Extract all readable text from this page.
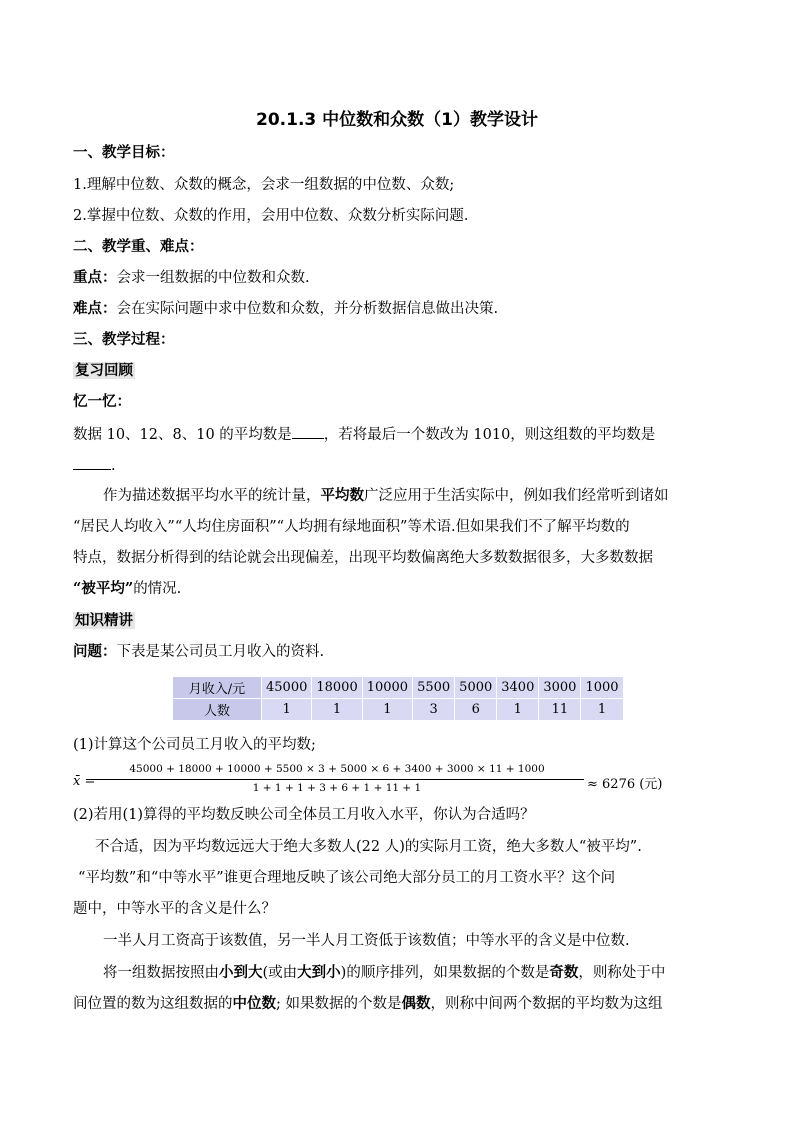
20.1.3 中位数和众数（1）教学设计
一、教学目标：
1.理解中位数、众数的概念，会求一组数据的中位数、众数;
2.掌握中位数、众数的作用，会用中位数、众数分析实际问题.
二、教学重、难点：
重点：会求一组数据的中位数和众数.
难点：会在实际问题中求中位数和众数，并分析数据信息做出决策.
三、教学过程：
复习回顾
忆一忆：
数据 10、12、8、10 的平均数是 ，若将最后一个数改为 1010，则这组数的平均数是
.
作为描述数据平均水平的统计量，平均数广泛应用于生活实际中，例如我们经常听到诸如
“居民人均收入”“人均住房面积”“人均拥有绿地面积”等术语.但如果我们不了解平均数的
特点，数据分析得到的结论就会出现偏差，出现平均数偏离绝大多数数据很多，大多数数据
“被平均”的情况.
知识精讲
问题：下表是某公司员工月收入的资料.
月收入/元	45000	18000	10000	5500	5000	3400	3000	1000
人数	1	1	1	3	6	1	11	1
(1)计算这个公司员工月收入的平均数;
x̄ =
45000 + 18000 + 10000 + 5500 × 3 + 5000 × 6 + 3400 + 3000 × 11 + 1000
1 + 1 + 1 + 3 + 6 + 1 + 11 + 1	≈ 6276 (元)
(2)若用(1)算得的平均数反映公司全体员工月收入水平，你认为合适吗？
不合适，因为平均数远远大于绝大多数人(22 人)的实际月工资，绝大多数人“被平均”.
“平均数”和“中等水平”谁更合理地反映了该公司绝大部分员工的月工资水平？这个问
题中，中等水平的含义是什么？
一半人月工资高于该数值，另一半人月工资低于该数值；中等水平的含义是中位数.
将一组数据按照由小到大(或由大到小)的顺序排列，如果数据的个数是奇数，则称处于中
间位置的数为这组数据的中位数; 如果数据的个数是偶数，则称中间两个数据的平均数为这组
